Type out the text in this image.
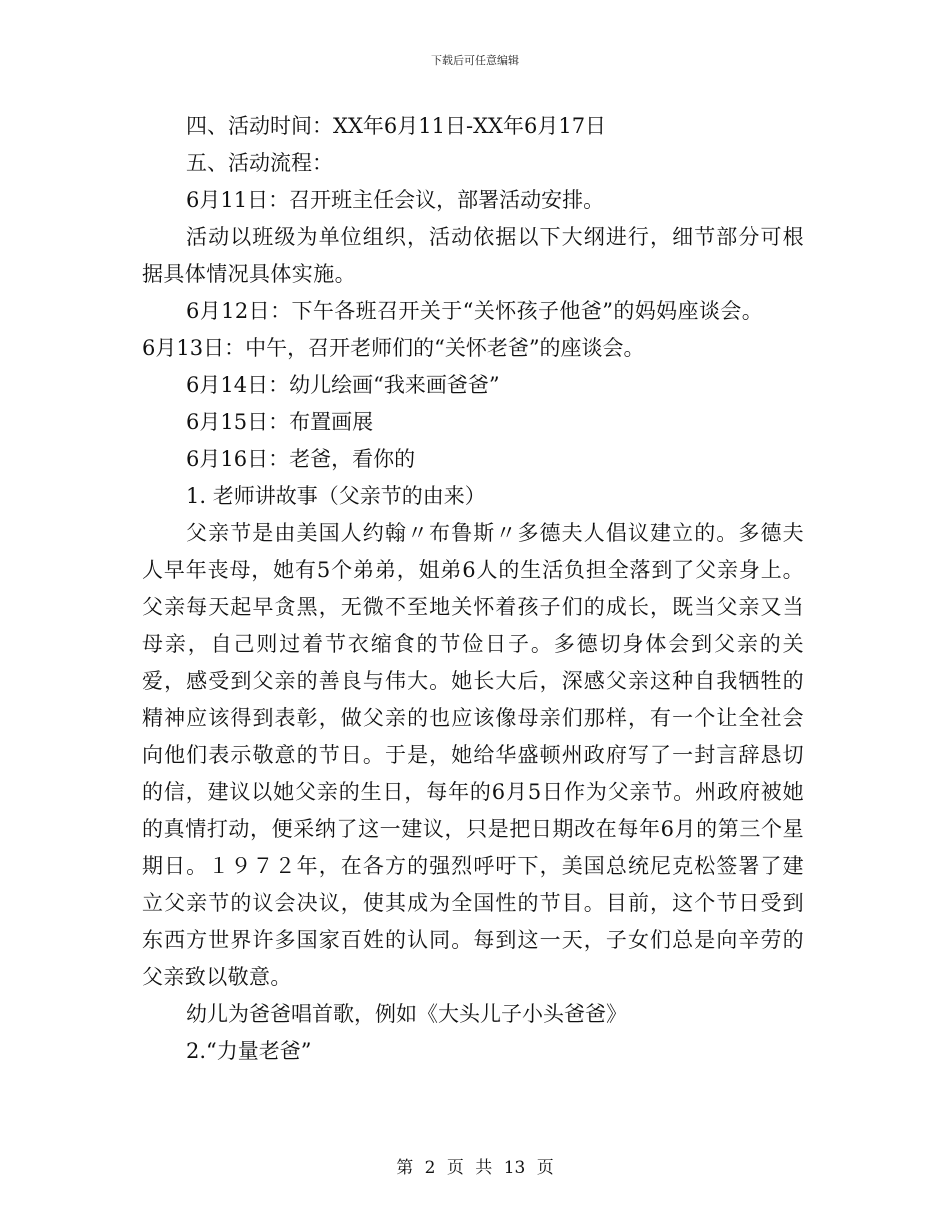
下载后可任意编辑
四、活动时间：XX年6月11日-XX年6月17日
五、活动流程：
6月11日：召开班主任会议，部署活动安排。
活动以班级为单位组织，活动依据以下大纲进行，细节部分可根据具体情况具体实施。
6月12日：下午各班召开关于“关怀孩子他爸”的妈妈座谈会。
6月13日：中午，召开老师们的“关怀老爸”的座谈会。
6月14日：幼儿绘画“我来画爸爸”
6月15日：布置画展
6月16日：老爸，看你的
1. 老师讲故事（父亲节的由来）
父亲节是由美国人约翰〃布鲁斯〃多德夫人倡议建立的。多德夫人早年丧母，她有5个弟弟，姐弟6人的生活负担全落到了父亲身上。父亲每天起早贪黑，无微不至地关怀着孩子们的成长，既当父亲又当母亲，自己则过着节衣缩食的节俭日子。多德切身体会到父亲的关爱，感受到父亲的善良与伟大。她长大后，深感父亲这种自我牺牲的精神应该得到表彰，做父亲的也应该像母亲们那样，有一个让全社会向他们表示敬意的节日。于是，她给华盛顿州政府写了一封言辞恳切的信，建议以她父亲的生日，每年的6月5日作为父亲节。州政府被她的真情打动，便采纳了这一建议，只是把日期改在每年6月的第三个星期日。１９７２年，在各方的强烈呼吁下，美国总统尼克松签署了建立父亲节的议会决议，使其成为全国性的节目。目前，这个节日受到东西方世界许多国家百姓的认同。每到这一天，子女们总是向辛劳的父亲致以敬意。
幼儿为爸爸唱首歌，例如《大头儿子小头爸爸》
2.“力量老爸”
第 2 页 共 13 页
